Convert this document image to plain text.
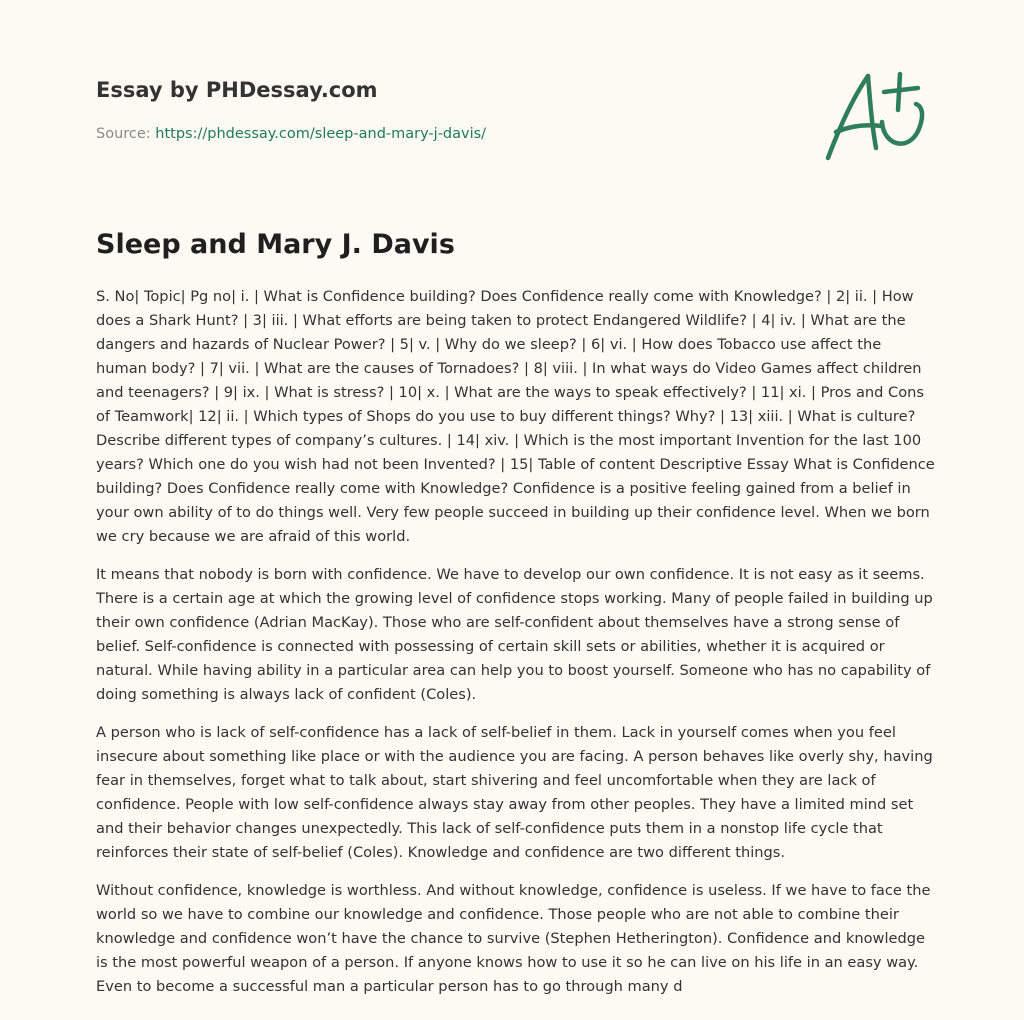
Essay by PHDessay.com
Source: https://phdessay.com/sleep-and-mary-j-davis/
Sleep and Mary J. Davis

S. No| Topic| Pg no| i. | What is Confidence building? Does Confidence really come with Knowledge? | 2| ii. | How does a Shark Hunt? | 3| iii. | What efforts are being taken to protect Endangered Wildlife? | 4| iv. | What are the dangers and hazards of Nuclear Power? | 5| v. | Why do we sleep? | 6| vi. | How does Tobacco use affect the human body? | 7| vii. | What are the causes of Tornadoes? | 8| viii. | In what ways do Video Games affect children and teenagers? | 9| ix. | What is stress? | 10| x. | What are the ways to speak effectively? | 11| xi. | Pros and Cons of Teamwork| 12| ii. | Which types of Shops do you use to buy different things? Why? | 13| xiii. | What is culture? Describe different types of company’s cultures. | 14| xiv. | Which is the most important Invention for the last 100 years? Which one do you wish had not been Invented? | 15| Table of content Descriptive Essay What is Confidence building? Does Confidence really come with Knowledge? Confidence is a positive feeling gained from a belief in your own ability of to do things well. Very few people succeed in building up their confidence level. When we born we cry because we are afraid of this world.

It means that nobody is born with confidence. We have to develop our own confidence. It is not easy as it seems. There is a certain age at which the growing level of confidence stops working. Many of people failed in building up their own confidence (Adrian MacKay). Those who are self-confident about themselves have a strong sense of belief. Self-confidence is connected with possessing of certain skill sets or abilities, whether it is acquired or natural. While having ability in a particular area can help you to boost yourself. Someone who has no capability of doing something is always lack of confident (Coles).

A person who is lack of self-confidence has a lack of self-belief in them. Lack in yourself comes when you feel insecure about something like place or with the audience you are facing. A person behaves like overly shy, having fear in themselves, forget what to talk about, start shivering and feel uncomfortable when they are lack of confidence. People with low self-confidence always stay away from other peoples. They have a limited mind set and their behavior changes unexpectedly. This lack of self-confidence puts them in a nonstop life cycle that reinforces their state of self-belief (Coles). Knowledge and confidence are two different things.

Without confidence, knowledge is worthless. And without knowledge, confidence is useless. If we have to face the world so we have to combine our knowledge and confidence. Those people who are not able to combine their knowledge and confidence won’t have the chance to survive (Stephen Hetherington). Confidence and knowledge is the most powerful weapon of a person. If anyone knows how to use it so he can live on his life in an easy way. Even to become a successful man a particular person has to go through many d
